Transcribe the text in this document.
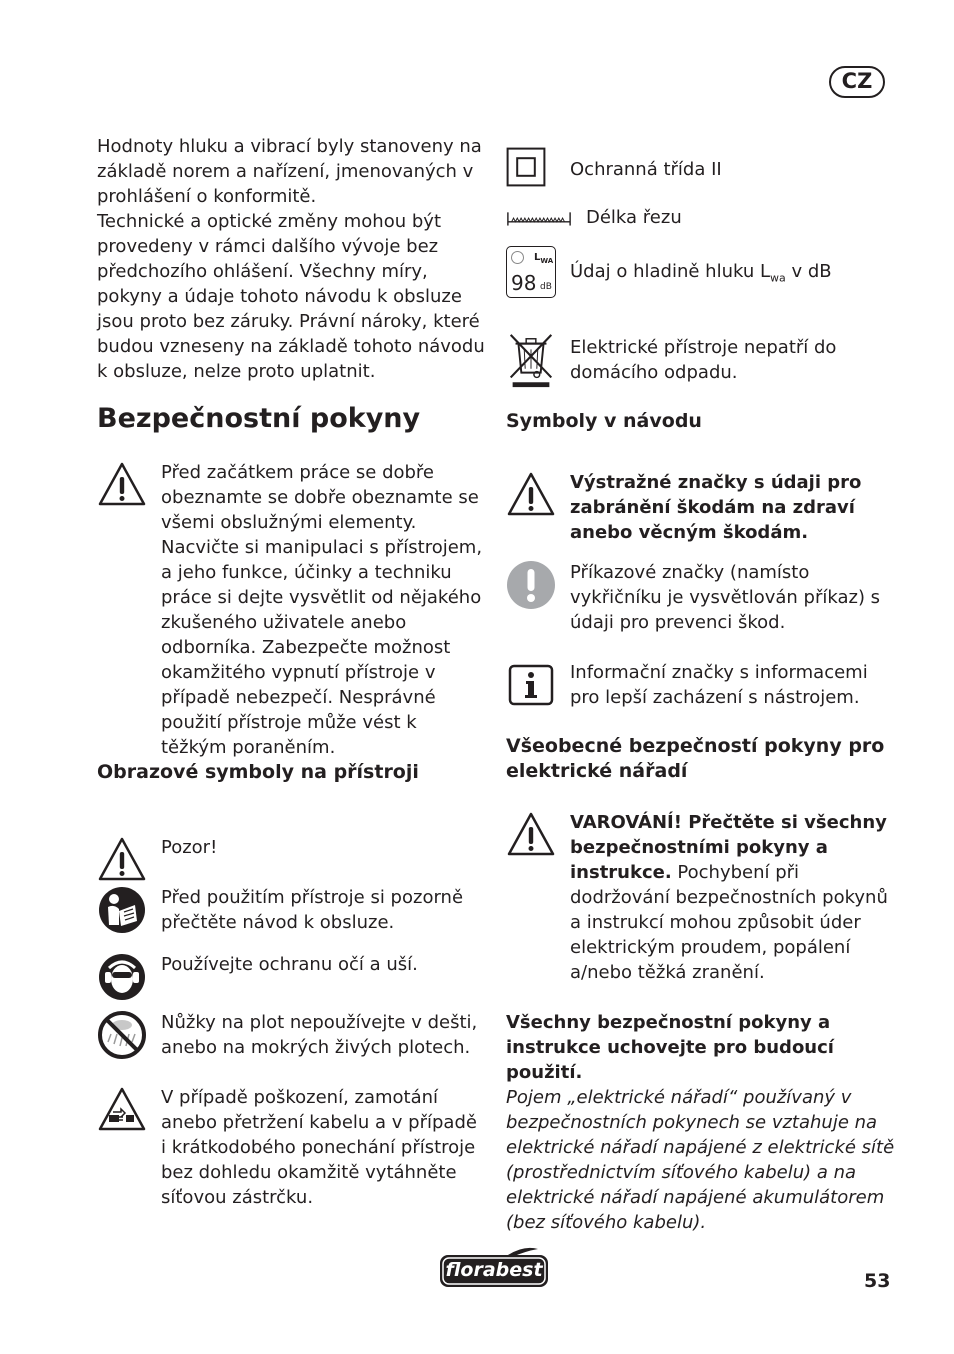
CZ
Hodnoty hluku a vibrací byly stanoveny na základě norem a nařízení, jmenovaných v prohlášení o konformitě.
Technické a optické změny mohou být provedeny v rámci dalšího vývoje bez předchozího ohlášení. Všechny míry, pokyny a údaje tohoto návodu k obsluze jsou proto bez záruky. Právní nároky, které budou vzneseny na základě tohoto návodu k obsluze, nelze proto uplatnit.
Bezpečnostní pokyny
Před začátkem práce se dobře obeznamte se dobře obeznamte se všemi obslužnými elementy. Nacvičte si manipulaci s přístrojem, a jeho funkce, účinky a techniku práce si dejte vysvětlit od nějakého zkušeného uživatele anebo odborníka. Zabezpečte možnost okamžitého vypnutí přístroje v případě nebezpečí. Nesprávné použití přístroje může vést k těžkým poraněním.
Obrazové symboly na přístroji
Pozor!
Před použitím přístroje si pozorně přečtěte návod k obsluze.
Používejte ochranu očí a uší.
Nůžky na plot nepoužívejte v dešti, anebo na mokrých živých plotech.
V případě poškození, zamotání anebo přetržení kabelu a v případě i krátkodobého ponechání přístroje bez dohledu okamžitě vytáhněte síťovou zástrčku.
Ochranná třída II
Délka řezu
$L_{WA}$
98 dB
Údaj o hladině hluku $L_{wa}$ v dB
Elektrické přístroje nepatří do domácího odpadu.
Symboly v návodu
Výstražné značky s údaji pro zabránění škodám na zdraví anebo věcným škodám.
Příkazové značky (namísto vykřičníku je vysvětlován příkaz) s údaji pro prevenci škod.
Informační značky s informacemi pro lepší zacházení s nástrojem.
Všeobecné bezpečností pokyny pro elektrické nářadí
VAROVÁNÍ! Přečtěte si všechny bezpečnostními pokyny a instrukce. Pochybení při dodržování bezpečnostních pokynů a instrukcí mohou způsobit úder elektrickým proudem, popálení a/nebo těžká zranění.
Všechny bezpečnostní pokyny a instrukce uchovejte pro budoucí použití.
Pojem „elektrické nářadí“ používaný v bezpečnostních pokynech se vztahuje na elektrické nářadí napájené z elektrické sítě (prostřednictvím síťového kabelu) a na elektrické nářadí napájené akumulátorem (bez síťového kabelu).
florabest	53
